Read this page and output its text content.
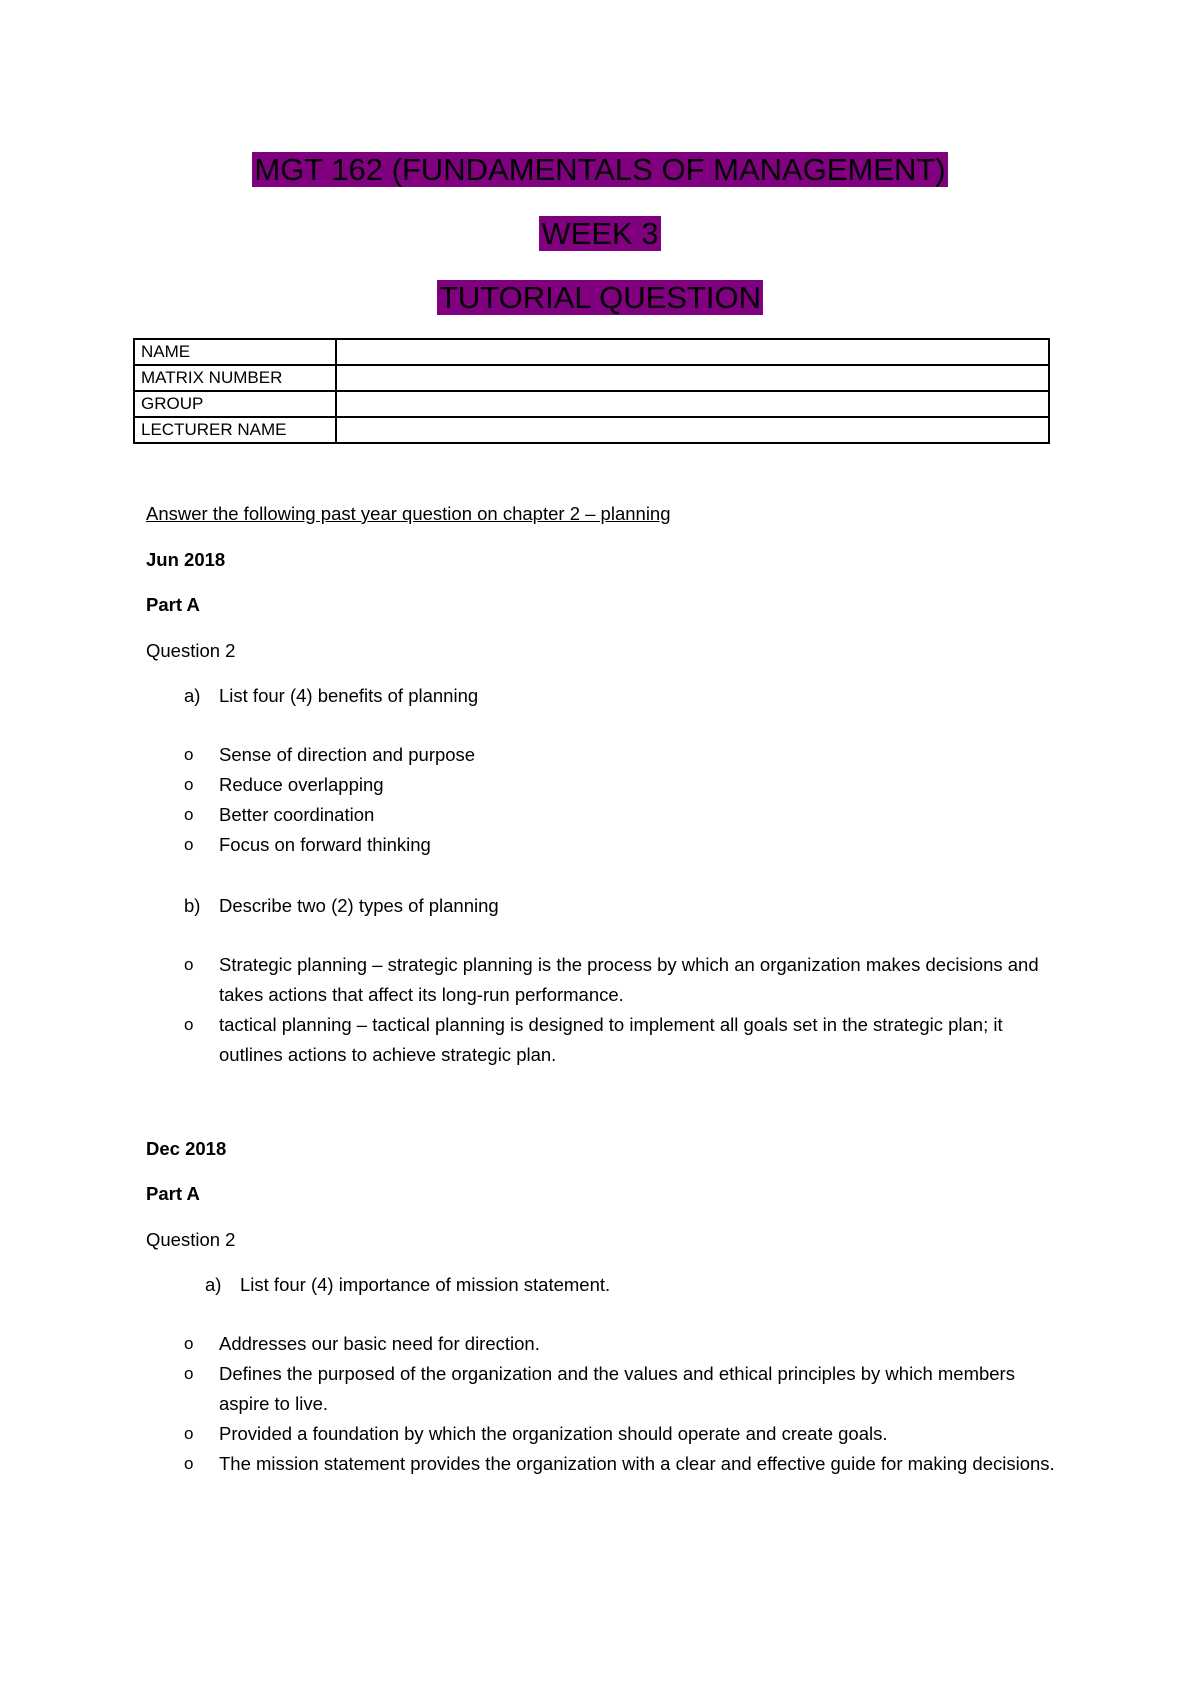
MGT 162 (FUNDAMENTALS OF MANAGEMENT)
WEEK 3
TUTORIAL QUESTION
NAME	
MATRIX NUMBER	
GROUP	
LECTURER NAME	
Answer the following past year question on chapter 2 – planning
Jun 2018
Part A
Question 2
a) List four (4) benefits of planning
o Sense of direction and purpose
o Reduce overlapping
o Better coordination
o Focus on forward thinking
b) Describe two (2) types of planning
o Strategic planning – strategic planning is the process by which an organization makes decisions and takes actions that affect its long-run performance.
o tactical planning – tactical planning is designed to implement all goals set in the strategic plan; it outlines actions to achieve strategic plan.
Dec 2018
Part A
Question 2
a) List four (4) importance of mission statement.
o Addresses our basic need for direction.
o Defines the purposed of the organization and the values and ethical principles by which members aspire to live.
o Provided a foundation by which the organization should operate and create goals.
o The mission statement provides the organization with a clear and effective guide for making decisions.
